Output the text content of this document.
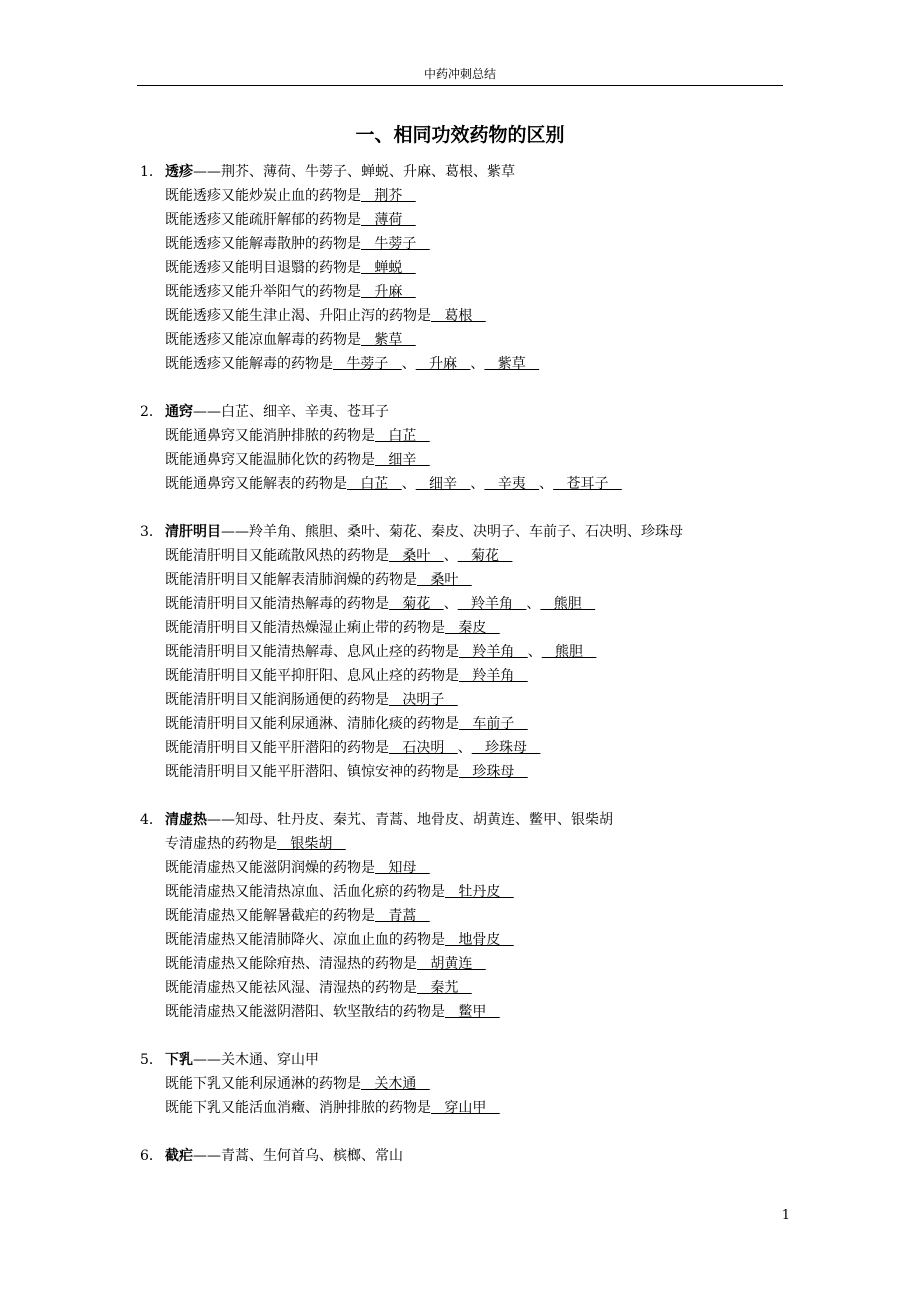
中药冲刺总结
一、相同功效药物的区别
1． 透疹——荆芥、薄荷、牛蒡子、蝉蜕、升麻、葛根、紫草
既能透疹又能炒炭止血的药物是   荆芥
既能透疹又能疏肝解郁的药物是   薄荷
既能透疹又能解毒散肿的药物是   牛蒡子
既能透疹又能明目退翳的药物是   蝉蜕
既能透疹又能升举阳气的药物是   升麻
既能透疹又能生津止渴、升阳止泻的药物是   葛根
既能透疹又能凉血解毒的药物是   紫草
既能透疹又能解毒的药物是   牛蒡子   、   升麻   、   紫草
2． 通窍——白芷、细辛、辛夷、苍耳子
既能通鼻窍又能消肿排脓的药物是   白芷
既能通鼻窍又能温肺化饮的药物是   细辛
既能通鼻窍又能解表的药物是   白芷   、   细辛   、   辛夷   、   苍耳子
3． 清肝明目——羚羊角、熊胆、桑叶、菊花、秦皮、决明子、车前子、石决明、珍珠母
既能清肝明目又能疏散风热的药物是   桑叶   、   菊花
既能清肝明目又能解表清肺润燥的药物是   桑叶
既能清肝明目又能清热解毒的药物是   菊花   、   羚羊角   、   熊胆
既能清肝明目又能清热燥湿止痢止带的药物是   秦皮
既能清肝明目又能清热解毒、息风止痉的药物是   羚羊角   、   熊胆
既能清肝明目又能平抑肝阳、息风止痉的药物是   羚羊角
既能清肝明目又能润肠通便的药物是   决明子
既能清肝明目又能利尿通淋、清肺化痰的药物是   车前子
既能清肝明目又能平肝潜阳的药物是   石决明   、   珍珠母
既能清肝明目又能平肝潜阳、镇惊安神的药物是   珍珠母
4． 清虚热——知母、牡丹皮、秦艽、青蒿、地骨皮、胡黄连、鳖甲、银柴胡
专清虚热的药物是   银柴胡
既能清虚热又能滋阴润燥的药物是   知母
既能清虚热又能清热凉血、活血化瘀的药物是   牡丹皮
既能清虚热又能解暑截疟的药物是   青蒿
既能清虚热又能清肺降火、凉血止血的药物是   地骨皮
既能清虚热又能除疳热、清湿热的药物是   胡黄连
既能清虚热又能祛风湿、清湿热的药物是   秦艽
既能清虚热又能滋阴潜阳、软坚散结的药物是   鳖甲
5． 下乳——关木通、穿山甲
既能下乳又能利尿通淋的药物是   关木通
既能下乳又能活血消癥、消肿排脓的药物是   穿山甲
6． 截疟——青蒿、生何首乌、槟榔、常山
1
